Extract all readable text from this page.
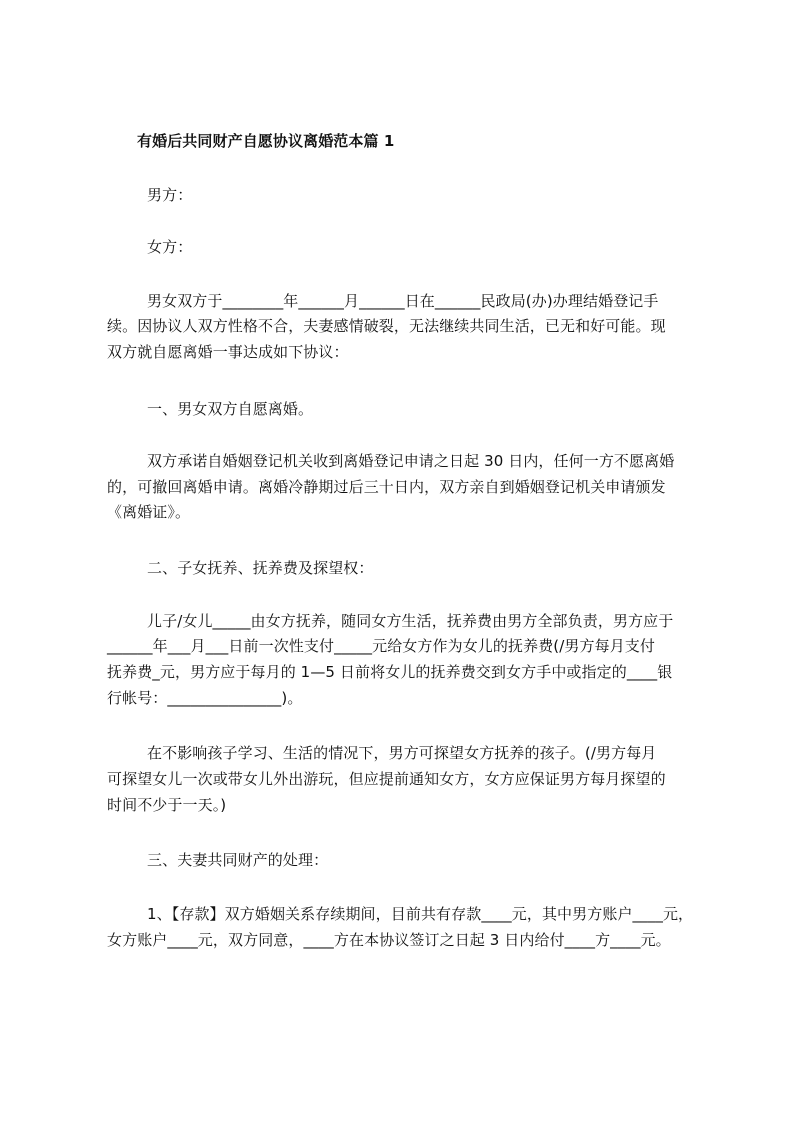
有婚后共同财产自愿协议离婚范本篇 1

男方：

女方：

男女双方于________年______月______日在______民政局(办)办理结婚登记手

续。因协议人双方性格不合，夫妻感情破裂，无法继续共同生活，已无和好可能。现

双方就自愿离婚一事达成如下协议：

一、男女双方自愿离婚。

双方承诺自婚姻登记机关收到离婚登记申请之日起 30 日内，任何一方不愿离婚

的，可撤回离婚申请。离婚冷静期过后三十日内，双方亲自到婚姻登记机关申请颁发

《离婚证》。

二、子女抚养、抚养费及探望权：

儿子/女儿_____由女方抚养，随同女方生活，抚养费由男方全部负责，男方应于

______年___月___日前一次性支付_____元给女方作为女儿的抚养费(/男方每月支付

抚养费_元，男方应于每月的 1—5 日前将女儿的抚养费交到女方手中或指定的____银

行帐号：_______________)。

在不影响孩子学习、生活的情况下，男方可探望女方抚养的孩子。(/男方每月

可探望女儿一次或带女儿外出游玩，但应提前通知女方，女方应保证男方每月探望的

时间不少于一天。)

三、夫妻共同财产的处理：

1、【存款】双方婚姻关系存续期间，目前共有存款____元，其中男方账户____元，

女方账户____元，双方同意，____方在本协议签订之日起 3 日内给付____方____元。
